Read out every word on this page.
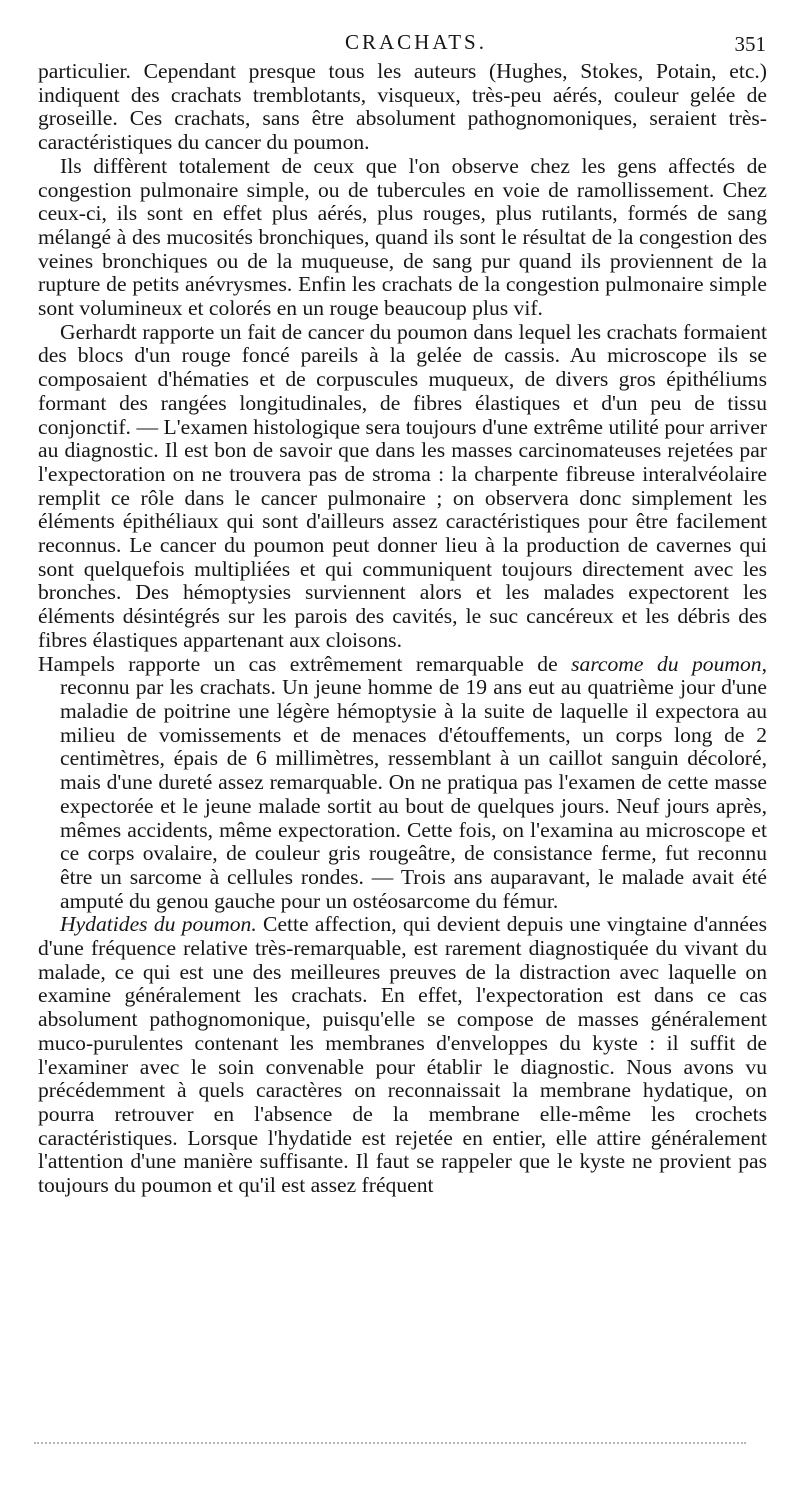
CRACHATS.	351

particulier. Cependant presque tous les auteurs (Hughes, Stokes, Potain, etc.) indiquent des crachats tremblotants, visqueux, très-peu aérés, couleur gelée de groseille. Ces crachats, sans être absolument pathognomoniques, seraient très-caractéristiques du cancer du poumon.

Ils diffèrent totalement de ceux que l'on observe chez les gens affectés de congestion pulmonaire simple, ou de tubercules en voie de ramollissement. Chez ceux-ci, ils sont en effet plus aérés, plus rouges, plus rutilants, formés de sang mélangé à des mucosités bronchiques, quand ils sont le résultat de la congestion des veines bronchiques ou de la muqueuse, de sang pur quand ils proviennent de la rupture de petits anévrysmes. Enfin les crachats de la congestion pulmonaire simple sont volumineux et colorés en un rouge beaucoup plus vif.

Gerhardt rapporte un fait de cancer du poumon dans lequel les crachats formaient des blocs d'un rouge foncé pareils à la gelée de cassis. Au microscope ils se composaient d'hématies et de corpuscules muqueux, de divers gros épithéliums formant des rangées longitudinales, de fibres élastiques et d'un peu de tissu conjonctif. — L'examen histologique sera toujours d'une extrême utilité pour arriver au diagnostic. Il est bon de savoir que dans les masses carcinomateuses rejetées par l'expectoration on ne trouvera pas de stroma : la charpente fibreuse interalvéolaire remplit ce rôle dans le cancer pulmonaire ; on observera donc simplement les éléments épithéliaux qui sont d'ailleurs assez caractéristiques pour être facilement reconnus. Le cancer du poumon peut donner lieu à la production de cavernes qui sont quelquefois multipliées et qui communiquent toujours directement avec les bronches. Des hémoptysies surviennent alors et les malades expectorent les éléments désintégrés sur les parois des cavités, le suc cancéreux et les débris des fibres élastiques appartenant aux cloisons.

Hampels rapporte un cas extrêmement remarquable de sarcome du poumon, reconnu par les crachats. Un jeune homme de 19 ans eut au quatrième jour d'une maladie de poitrine une légère hémoptysie à la suite de laquelle il expectora au milieu de vomissements et de menaces d'étouffements, un corps long de 2 centimètres, épais de 6 millimètres, ressemblant à un caillot sanguin décoloré, mais d'une dureté assez remarquable. On ne pratiqua pas l'examen de cette masse expectorée et le jeune malade sortit au bout de quelques jours. Neuf jours après, mêmes accidents, même expectoration. Cette fois, on l'examina au microscope et ce corps ovalaire, de couleur gris rougeâtre, de consistance ferme, fut reconnu être un sarcome à cellules rondes. — Trois ans auparavant, le malade avait été amputé du genou gauche pour un ostéosarcome du fémur.

Hydatides du poumon. Cette affection, qui devient depuis une vingtaine d'années d'une fréquence relative très-remarquable, est rarement diagnostiquée du vivant du malade, ce qui est une des meilleures preuves de la distraction avec laquelle on examine généralement les crachats. En effet, l'expectoration est dans ce cas absolument pathognomonique, puisqu'elle se compose de masses généralement muco-purulentes contenant les membranes d'enveloppes du kyste : il suffit de l'examiner avec le soin convenable pour établir le diagnostic. Nous avons vu précédemment à quels caractères on reconnaissait la membrane hydatique, on pourra retrouver en l'absence de la membrane elle-même les crochets caractéristiques. Lorsque l'hydatide est rejetée en entier, elle attire généralement l'attention d'une manière suffisante. Il faut se rappeler que le kyste ne provient pas toujours du poumon et qu'il est assez fréquent
